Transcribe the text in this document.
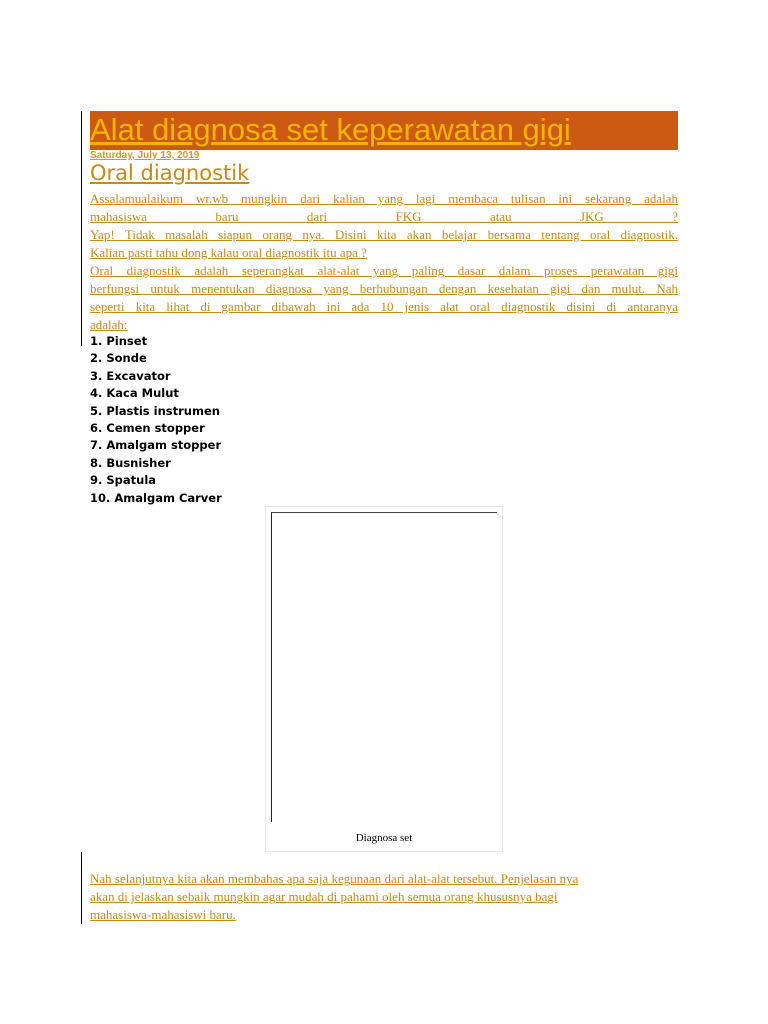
Alat diagnosa set keperawatan gigi
Saturday, July 13, 2019
Oral diagnostik
Assalamualaikum wr.wb mungkin dari kalian yang lagi membaca tulisan ini sekarang adalah
mahasiswa baru dari FKG atau JKG ?
Yap! Tidak masalah siapun orang nya. Disini kita akan belajar bersama tentang oral diagnostik.
Kalian pasti tahu dong kalau oral diagnostik itu apa ?
Oral diagnostik adalah seperangkat alat-alat yang paling dasar dalam proses perawatan gigi
berfungsi untuk menentukan diagnosa yang berhubungan dengan kesehatan gigi dan mulut. Nah
seperti kita lihat di gambar dibawah ini ada 10 jenis alat oral diagnostik disini di antaranya
adalah:
1. Pinset
2. Sonde
3. Excavator
4. Kaca Mulut
5. Plastis instrumen
6. Cemen stopper
7. Amalgam stopper
8. Busnisher
9. Spatula
10. Amalgam Carver
Diagnosa set
Nah selanjutnya kita akan membahas apa saja kegunaan dari alat-alat tersebut. Penjelasan nya
akan di jelaskan sebaik mungkin agar mudah di pahami oleh semua orang khususnya bagi
mahasiswa-mahasiswi baru.
